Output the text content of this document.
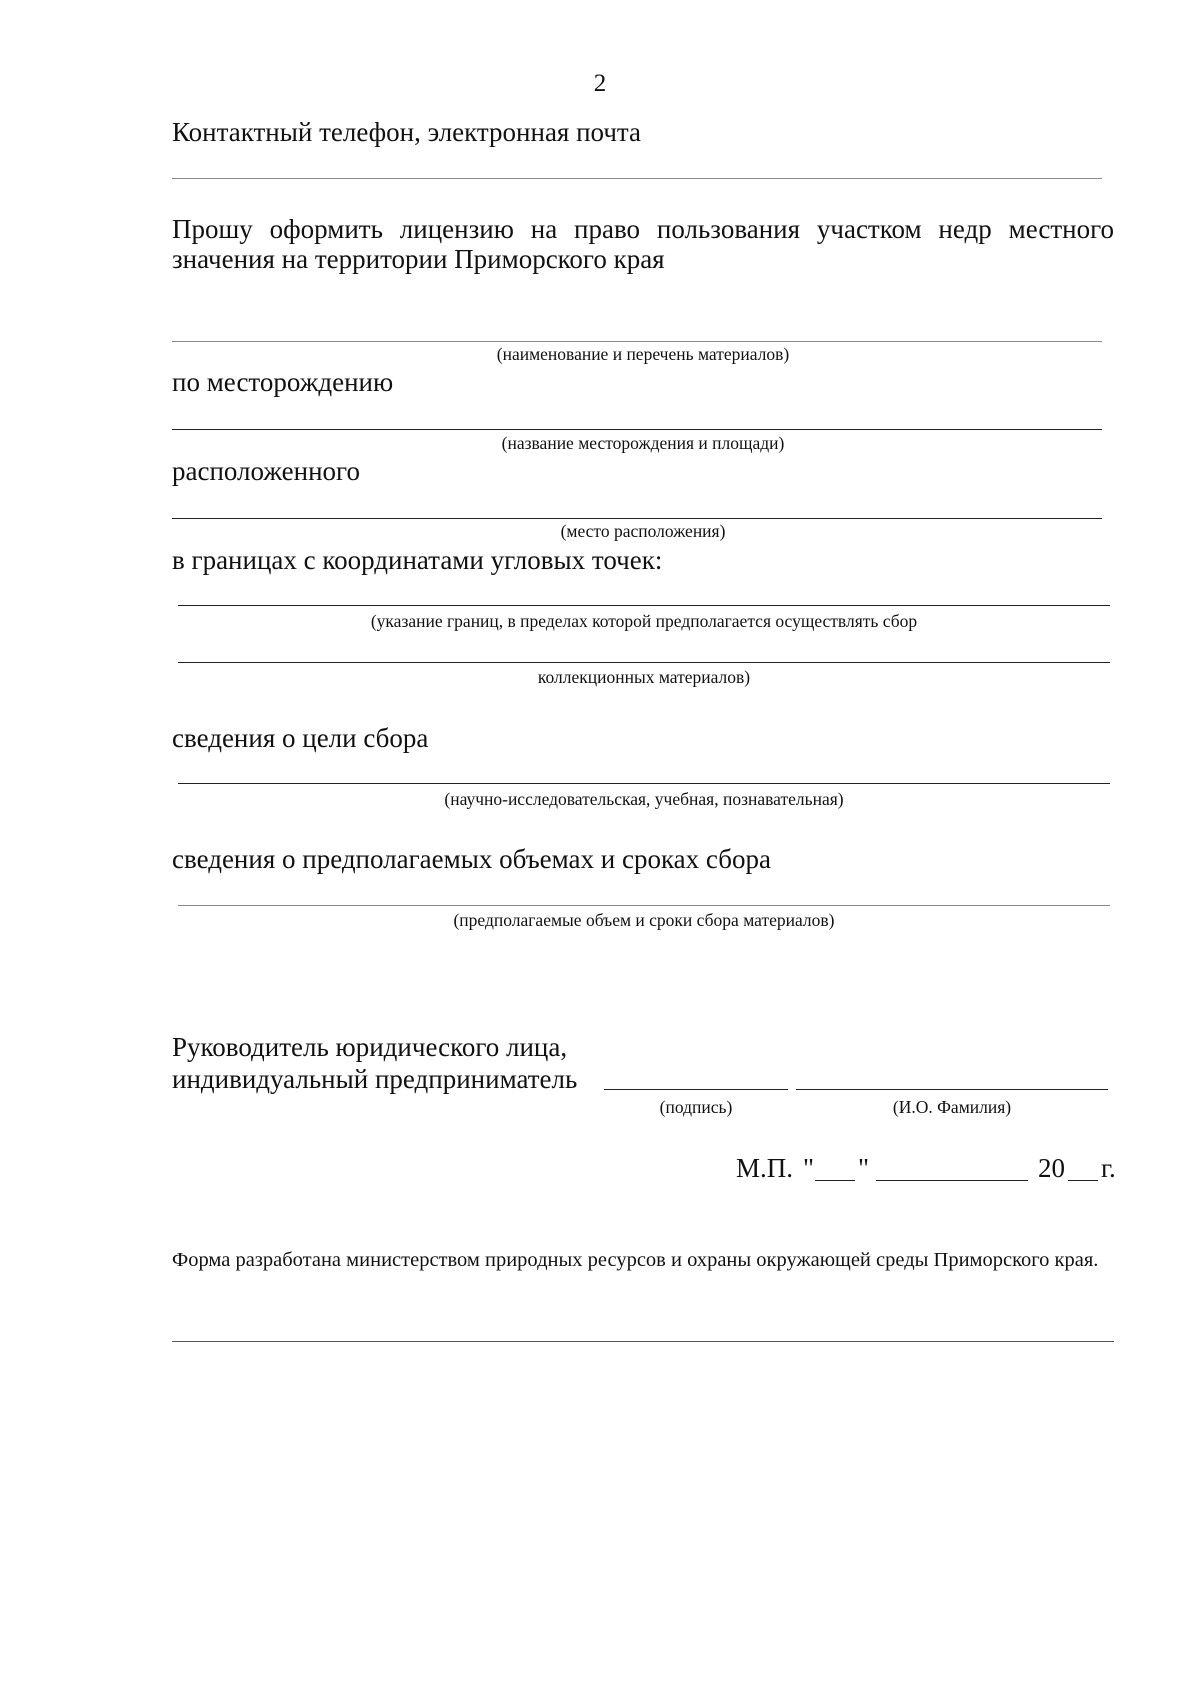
2
Контактный телефон, электронная почта
Прошу оформить лицензию на право пользования участком недр местного значения на территории Приморского края
(наименование и перечень материалов)
по месторождению
(название месторождения и площади)
расположенного
(место расположения)
в границах с координатами угловых точек:
(указание границ, в пределах которой предполагается осуществлять сбор
коллекционных материалов)
сведения о цели сбора
(научно-исследовательская, учебная, познавательная)
сведения о предполагаемых объемах и сроках сбора
(предполагаемые объем и сроки сбора материалов)
Руководитель юридического лица,
индивидуальный предприниматель
(подпись)	(И.О. Фамилия)
М.П. " "	20 г.
Форма разработана министерством природных ресурсов и охраны окружающей среды Приморского края.
